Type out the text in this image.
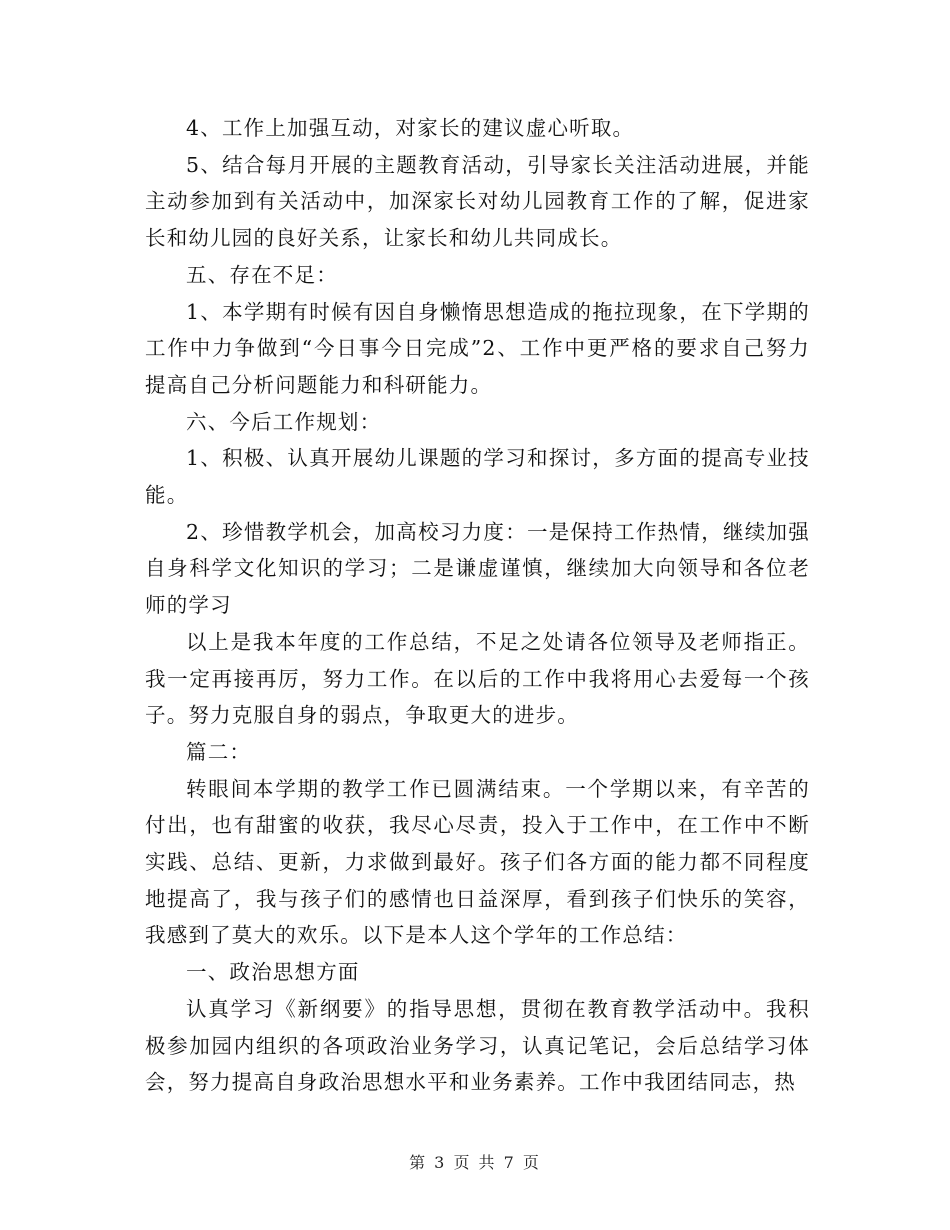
4、工作上加强互动，对家长的建议虚心听取。

5、结合每月开展的主题教育活动，引导家长关注活动进展，并能主动参加到有关活动中，加深家长对幼儿园教育工作的了解，促进家长和幼儿园的良好关系，让家长和幼儿共同成长。

五、存在不足：

1、本学期有时候有因自身懒惰思想造成的拖拉现象，在下学期的工作中力争做到“今日事今日完成”2、工作中更严格的要求自己努力提高自己分析问题能力和科研能力。

六、今后工作规划：

1、积极、认真开展幼儿课题的学习和探讨，多方面的提高专业技能。

2、珍惜教学机会，加高校习力度：一是保持工作热情，继续加强自身科学文化知识的学习；二是谦虚谨慎，继续加大向领导和各位老师的学习

以上是我本年度的工作总结，不足之处请各位领导及老师指正。我一定再接再厉，努力工作。在以后的工作中我将用心去爱每一个孩子。努力克服自身的弱点，争取更大的进步。

篇二：

转眼间本学期的教学工作已圆满结束。一个学期以来，有辛苦的付出，也有甜蜜的收获，我尽心尽责，投入于工作中，在工作中不断实践、总结、更新，力求做到最好。孩子们各方面的能力都不同程度地提高了，我与孩子们的感情也日益深厚，看到孩子们快乐的笑容，我感到了莫大的欢乐。以下是本人这个学年的工作总结：

一、政治思想方面

认真学习《新纲要》的指导思想，贯彻在教育教学活动中。我积极参加园内组织的各项政治业务学习，认真记笔记，会后总结学习体会，努力提高自身政治思想水平和业务素养。工作中我团结同志，热

第 3 页 共 7 页
